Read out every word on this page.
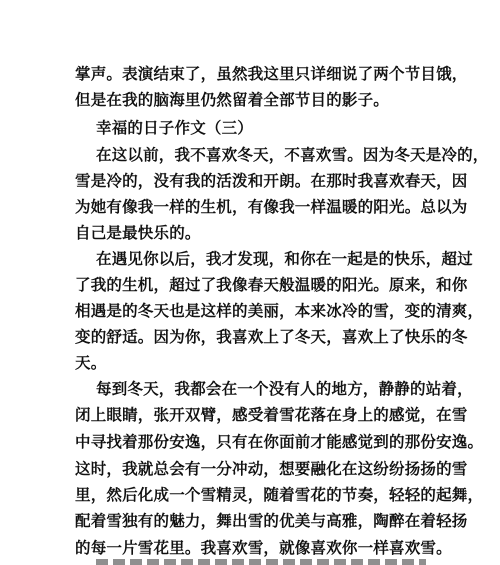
掌声。表演结束了，虽然我这里只详细说了两个节目饿，
但是在我的脑海里仍然留着全部节目的影子。
幸福的日子作文（三）
在这以前，我不喜欢冬天，不喜欢雪。因为冬天是冷的，
雪是冷的，没有我的活泼和开朗。在那时我喜欢春天，因
为她有像我一样的生机，有像我一样温暖的阳光。总以为
自己是最快乐的。
在遇见你以后，我才发现，和你在一起是的快乐，超过
了我的生机，超过了我像春天般温暖的阳光。原来，和你
相遇是的冬天也是这样的美丽，本来冰冷的雪，变的清爽，
变的舒适。因为你，我喜欢上了冬天，喜欢上了快乐的冬
天。
每到冬天，我都会在一个没有人的地方，静静的站着，
闭上眼睛，张开双臂，感受着雪花落在身上的感觉，在雪
中寻找着那份安逸，只有在你面前才能感觉到的那份安逸。
这时，我就总会有一分冲动，想要融化在这纷纷扬扬的雪
里，然后化成一个雪精灵，随着雪花的节奏，轻轻的起舞，
配着雪独有的魅力，舞出雪的优美与高雅，陶醉在着轻扬
的每一片雪花里。我喜欢雪，就像喜欢你一样喜欢雪。
